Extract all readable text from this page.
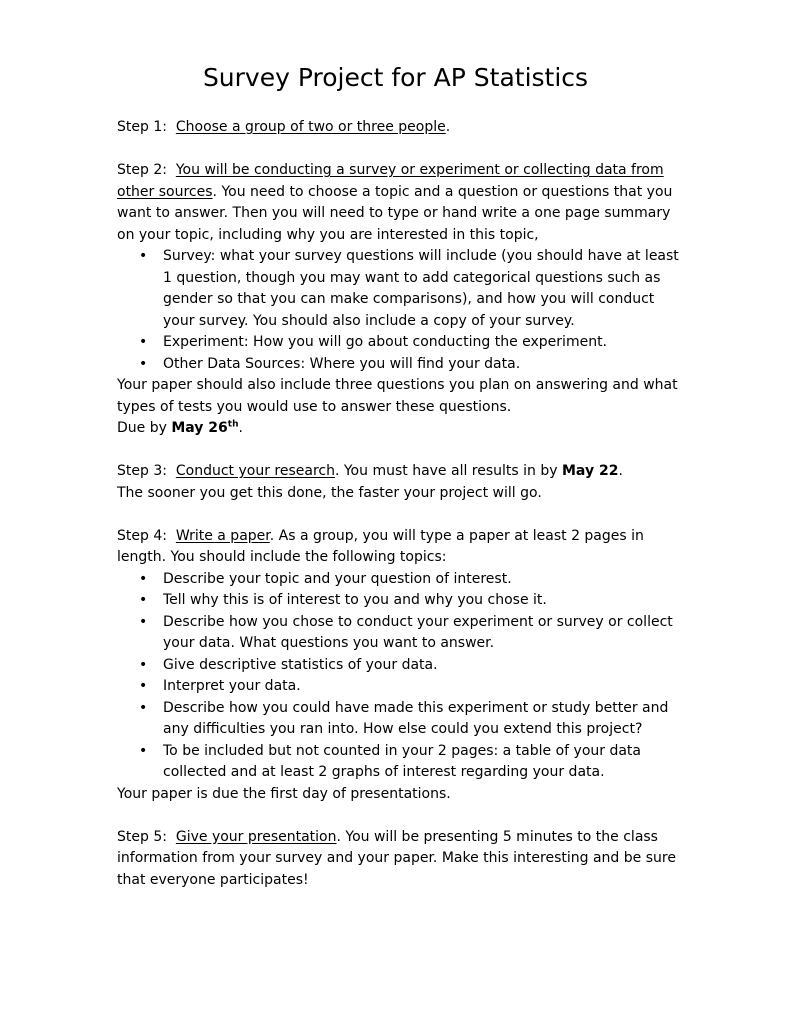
Survey Project for AP Statistics

Step 1: Choose a group of two or three people.

Step 2: You will be conducting a survey or experiment or collecting data from other sources. You need to choose a topic and a question or questions that you want to answer. Then you will need to type or hand write a one page summary on your topic, including why you are interested in this topic,

• Survey: what your survey questions will include (you should have at least 1 question, though you may want to add categorical questions such as gender so that you can make comparisons), and how you will conduct your survey. You should also include a copy of your survey.
• Experiment: How you will go about conducting the experiment.
• Other Data Sources: Where you will find your data.

Your paper should also include three questions you plan on answering and what types of tests you would use to answer these questions.

Due by May 26th.

Step 3: Conduct your research. You must have all results in by May 22.

The sooner you get this done, the faster your project will go.

Step 4: Write a paper. As a group, you will type a paper at least 2 pages in length. You should include the following topics:

• Describe your topic and your question of interest.
• Tell why this is of interest to you and why you chose it.
• Describe how you chose to conduct your experiment or survey or collect your data. What questions you want to answer.
• Give descriptive statistics of your data.
• Interpret your data.
• Describe how you could have made this experiment or study better and any difficulties you ran into. How else could you extend this project?
• To be included but not counted in your 2 pages: a table of your data collected and at least 2 graphs of interest regarding your data.

Your paper is due the first day of presentations.

Step 5: Give your presentation. You will be presenting 5 minutes to the class information from your survey and your paper. Make this interesting and be sure that everyone participates!
